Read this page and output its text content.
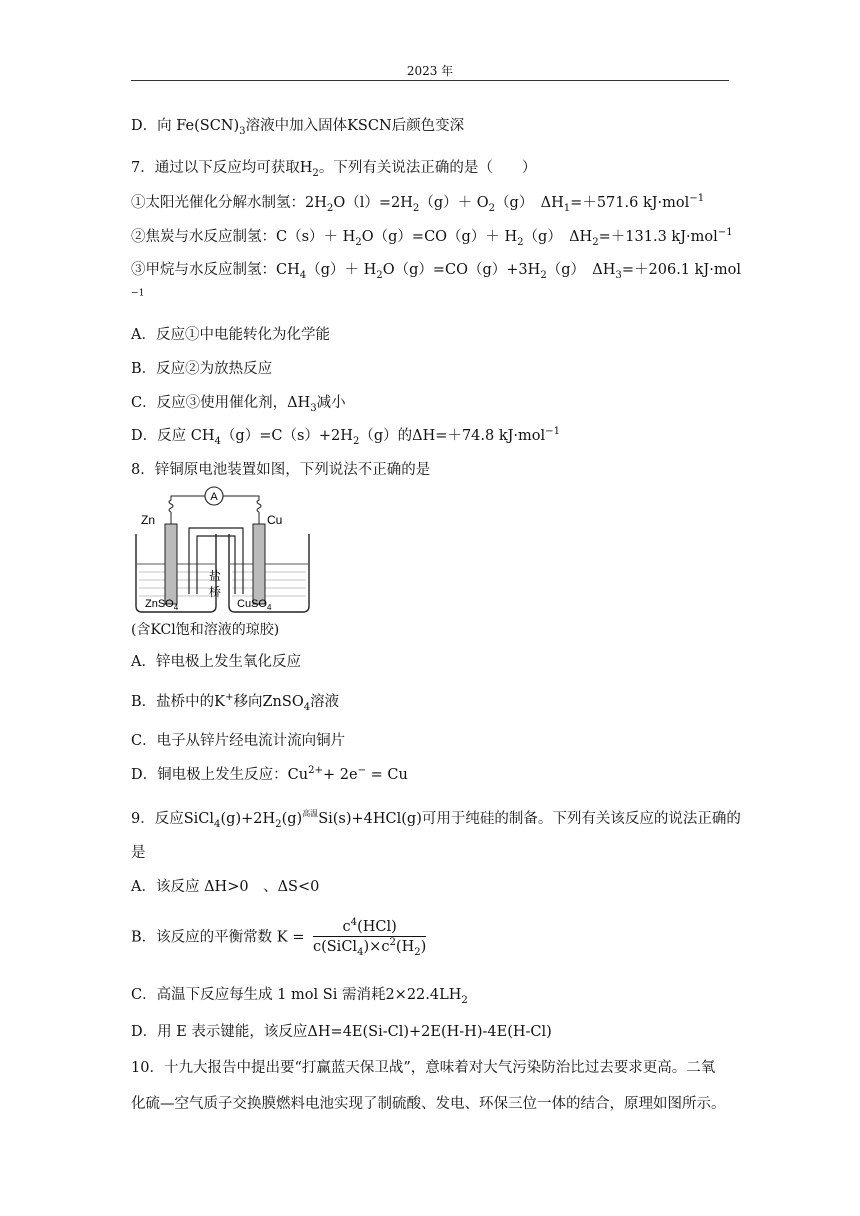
2023 年
D．向 $Fe(SCN)_3$溶液中加入固体KSCN后颜色变深
7．通过以下反应均可获取$H_2$。下列有关说法正确的是（　　）
①太阳光催化分解水制氢：$2H_2O(l)=2H_2(g)+ O_2(g)$　$\Delta H_1=+571.6$ kJ·mol$^{-1}$
②焦炭与水反应制氢：$C(s)+ H_2O(g)=CO(g)+ H_2(g)$　$\Delta H_2=+131.3$ kJ·mol$^{-1}$
③甲烷与水反应制氢：$CH_4(g)+ H_2O(g)=CO(g)+3H_2(g)$　$\Delta H_3=+206.1$ kJ·mol
$^{-1}$
A．反应①中电能转化为化学能
B．反应②为放热反应
C．反应③使用催化剂，$\Delta H_3$减小
D．反应 $CH_4(g)=C(s)+2H_2(g)$的ΔH=＋74.8 kJ·mol$^{-1}$
8．锌铜原电池装置如图，下列说法不正确的是
A
Zn	Cu
盐
桥
ZnSO$_4$	CuSO$_4$
(含KCl饱和溶液的琼胶)
A．锌电极上发生氧化反应
B．盐桥中的K+移向ZnSO$_4$溶液
C．电子从锌片经电流计流向铜片
D．铜电极上发生反应：$Cu^{2+}+ 2e^- = Cu$
9．反应$SiCl_4(g)+2H_2(g)^{高温}Si(s)+4HCl(g)$可用于纯硅的制备。下列有关该反应的说法正确的
是
A．该反应 ΔH>0　、ΔS<0
B．该反应的平衡常数 $K = \frac{c^4(HCl)}{c(SiCl_4)\times c^2(H_2)}$
C．高温下反应每生成 1 mol Si 需消耗$2\times 22.4LH_2$
D．用 E 表示键能，该反应ΔH=4E(Si-Cl)+2E(H-H)-4E(H-Cl)
10．十九大报告中提出要“打赢蓝天保卫战”，意味着对大气污染防治比过去要求更高。二氧
化硫—空气质子交换膜燃料电池实现了制硫酸、发电、环保三位一体的结合，原理如图所示。
